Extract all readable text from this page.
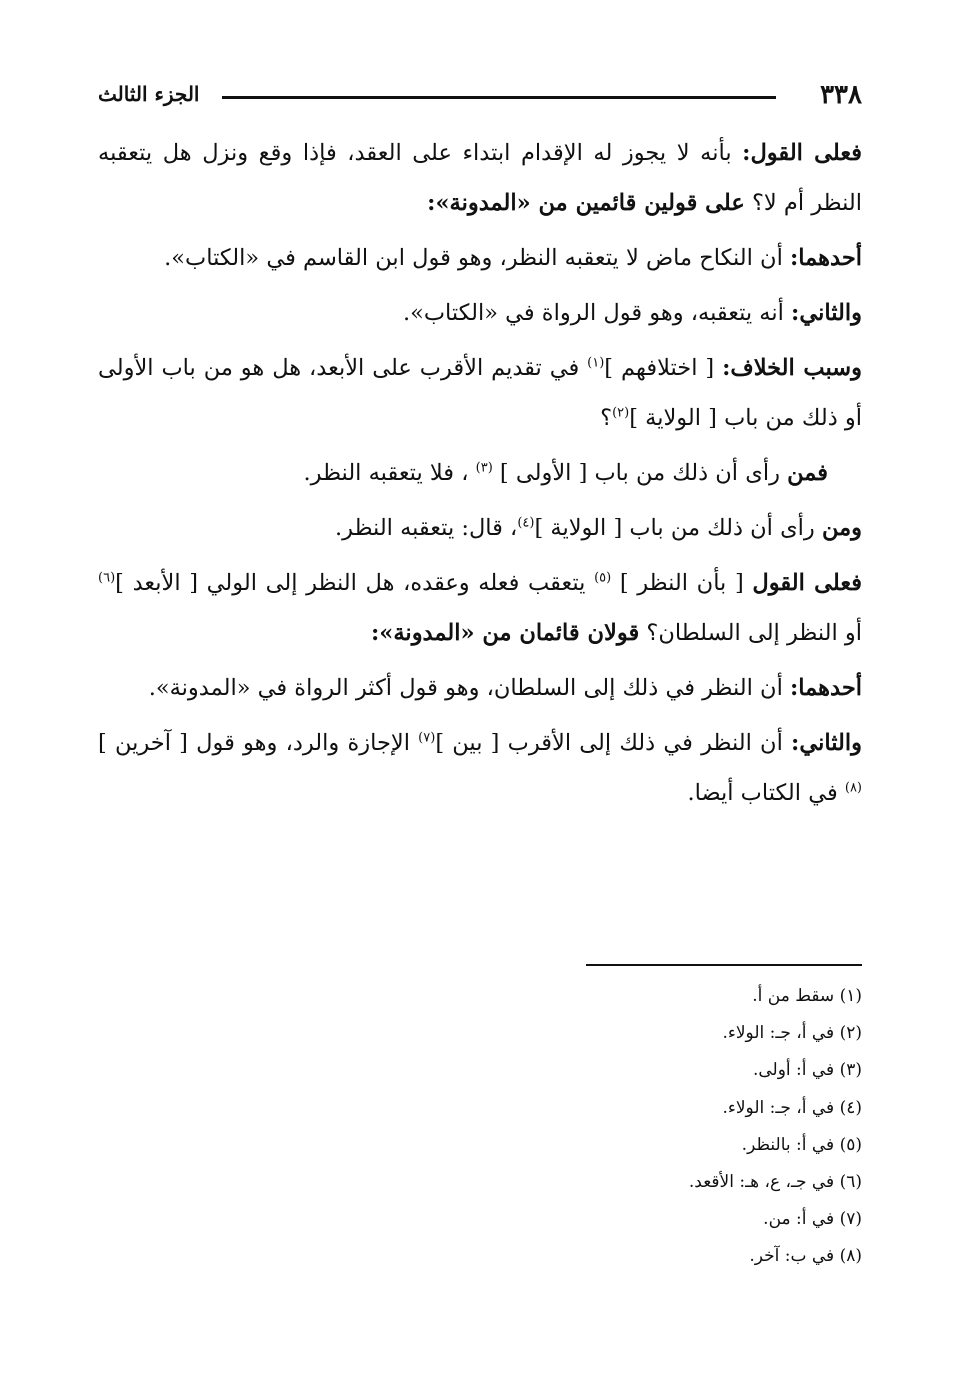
٣٣٨
الجزء الثالث

فعلى القول: بأنه لا يجوز له الإقدام ابتداء على العقد، فإذا وقع ونزل هل يتعقبه النظر أم لا؟ على قولين قائمين من «المدونة»:

أحدهما: أن النكاح ماض لا يتعقبه النظر، وهو قول ابن القاسم في «الكتاب».

والثاني: أنه يتعقبه، وهو قول الرواة في «الكتاب».

وسبب الخلاف: [ اختلافهم ]$^{(١)}$ في تقديم الأقرب على الأبعد، هل هو من باب الأولى أو ذلك من باب [ الولاية ]$^{(٢)}$؟

فمن رأى أن ذلك من باب [ الأولى ] $^{(٣)}$ ، فلا يتعقبه النظر.

ومن رأى أن ذلك من باب [ الولاية ]$^{(٤)}$، قال: يتعقبه النظر.

فعلى القول [ بأن النظر ] $^{(٥)}$ يتعقب فعله وعقده، هل النظر إلى الولي [ الأبعد ]$^{(٦)}$ أو النظر إلى السلطان؟ قولان قائمان من «المدونة»:

أحدهما: أن النظر في ذلك إلى السلطان، وهو قول أكثر الرواة في «المدونة».

والثاني: أن النظر في ذلك إلى الأقرب [ بين ]$^{(٧)}$ الإجازة والرد، وهو قول [ آخرين ]$^{(٨)}$ في الكتاب أيضا.

(١) سقط من أ.

(٢) في أ، جـ: الولاء.

(٣) في أ: أولى.

(٤) في أ، جـ: الولاء.

(٥) في أ: بالنظر.

(٦) في جـ، ع، هـ: الأقعد.

(٧) في أ: من.

(٨) في ب: آخر.
